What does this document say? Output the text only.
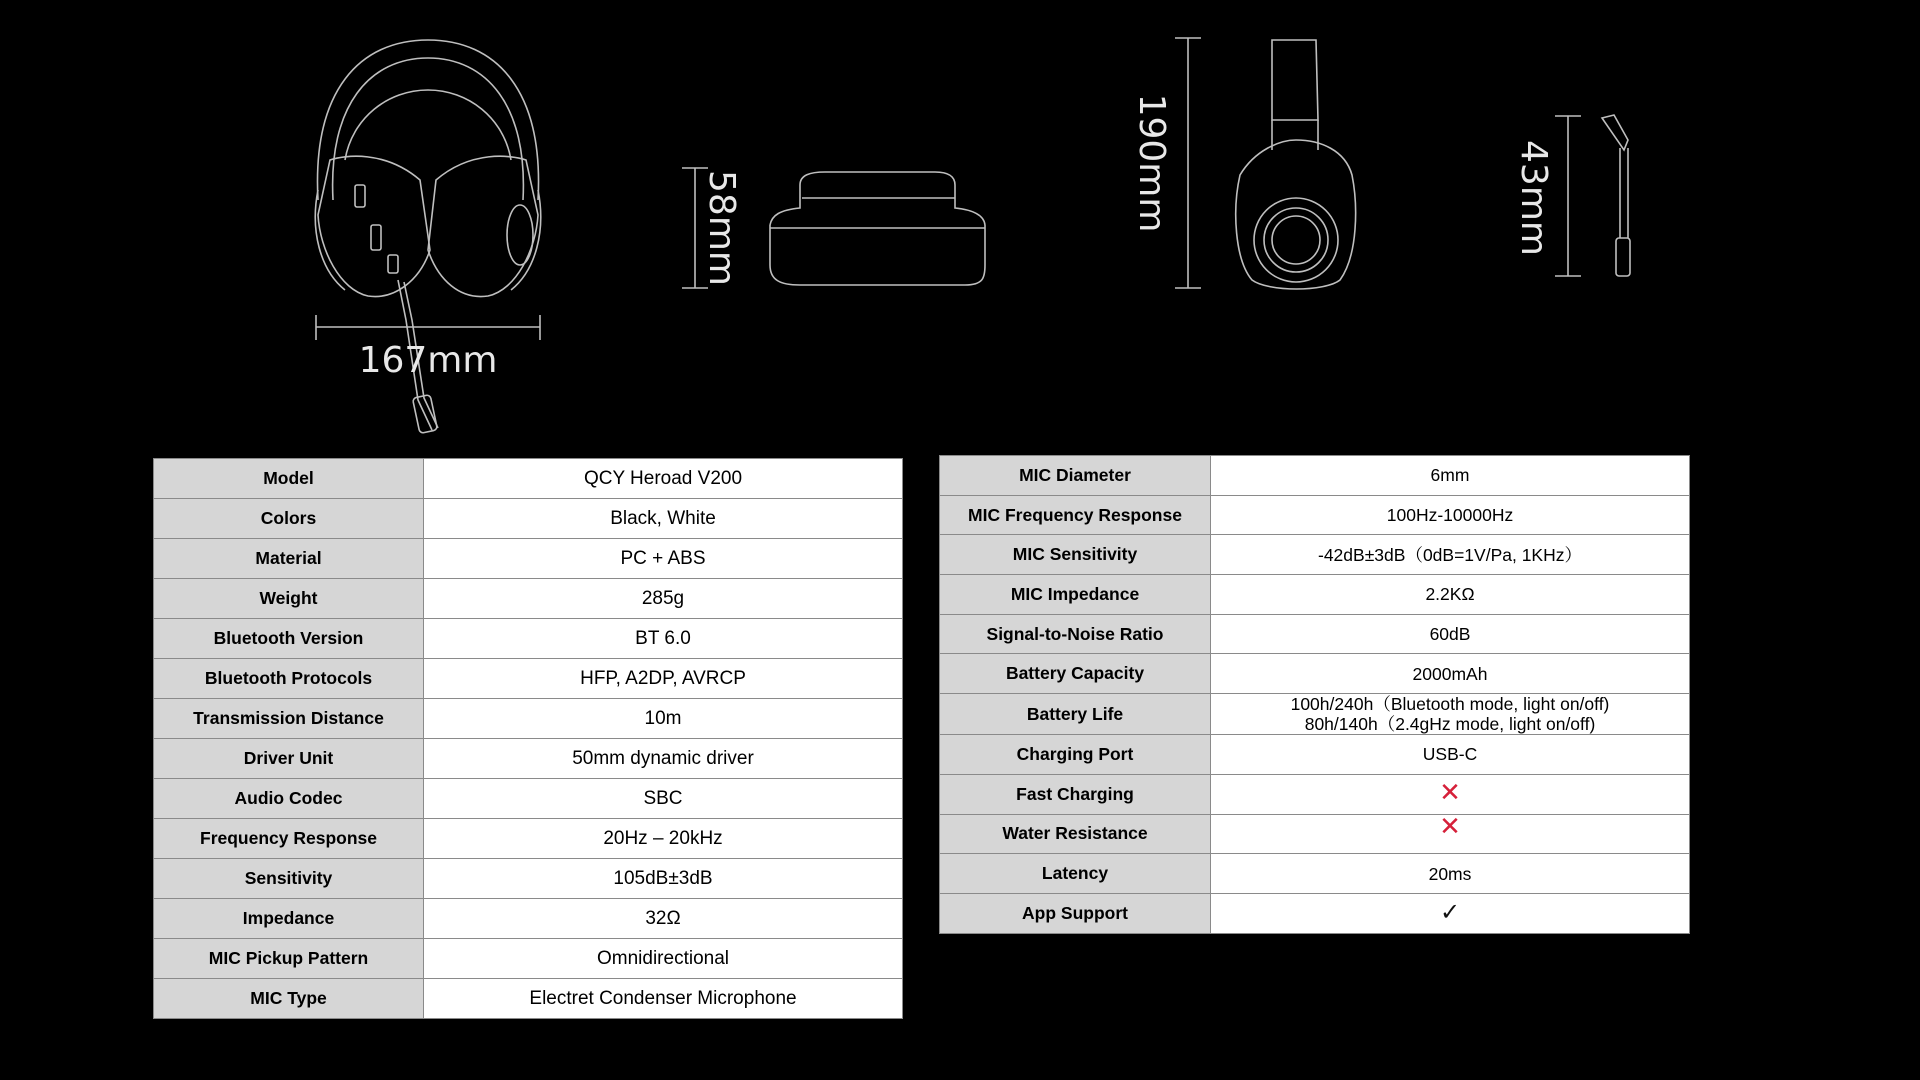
167mm
58mm	190mm	43mm
Model	QCY Heroad V200
Colors	Black, White
Material	PC + ABS
Weight	285g
Bluetooth Version	BT 6.0
Bluetooth Protocols	HFP, A2DP, AVRCP
Transmission Distance	10m
Driver Unit	50mm dynamic driver
Audio Codec	SBC
Frequency Response	20Hz – 20kHz
Sensitivity	105dB±3dB
Impedance	32Ω
MIC Pickup Pattern	Omnidirectional
MIC Type	Electret Condenser Microphone
MIC Diameter	6mm
MIC Frequency Response	100Hz-10000Hz
MIC Sensitivity	-42dB±3dB（0dB=1V/Pa, 1KHz）
MIC Impedance	2.2KΩ
Signal-to-Noise Ratio	60dB
Battery Capacity	2000mAh
Battery Life	100h/240h（Bluetooth mode, light on/off)
80h/140h（2.4gHz mode, light on/off)

Charging Port	USB-C
Fast Charging	✕
Water Resistance	✕
Latency	20ms
App Support	✓
